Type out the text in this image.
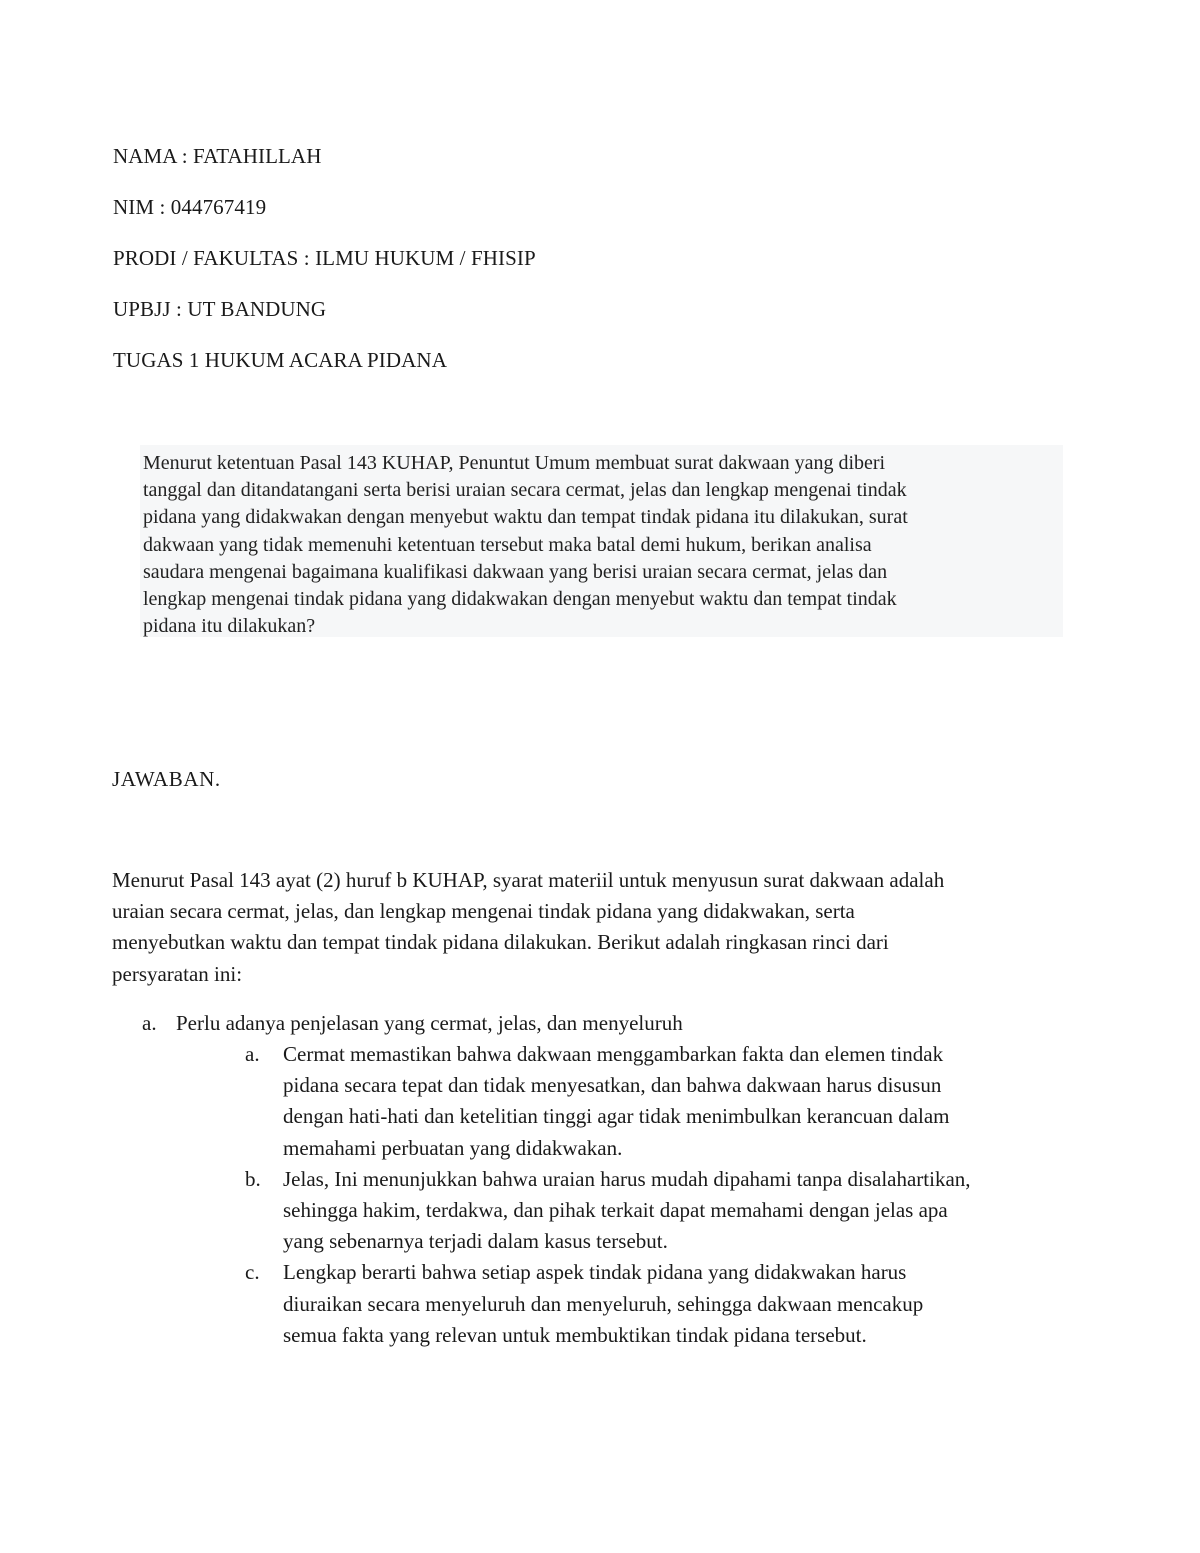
NAMA : FATAHILLAH
NIM : 044767419
PRODI / FAKULTAS : ILMU HUKUM / FHISIP
UPBJJ : UT BANDUNG
TUGAS 1 HUKUM ACARA PIDANA
Menurut ketentuan Pasal 143 KUHAP, Penuntut Umum membuat surat dakwaan yang diberi
tanggal dan ditandatangani serta berisi uraian secara cermat, jelas dan lengkap mengenai tindak
pidana yang didakwakan dengan menyebut waktu dan tempat tindak pidana itu dilakukan, surat
dakwaan yang tidak memenuhi ketentuan tersebut maka batal demi hukum, berikan analisa
saudara mengenai bagaimana kualifikasi dakwaan yang berisi uraian secara cermat, jelas dan
lengkap mengenai tindak pidana yang didakwakan dengan menyebut waktu dan tempat tindak
pidana itu dilakukan?
JAWABAN.
Menurut Pasal 143 ayat (2) huruf b KUHAP, syarat materiil untuk menyusun surat dakwaan adalah
uraian secara cermat, jelas, dan lengkap mengenai tindak pidana yang didakwakan, serta
menyebutkan waktu dan tempat tindak pidana dilakukan. Berikut adalah ringkasan rinci dari
persyaratan ini:
a. Perlu adanya penjelasan yang cermat, jelas, dan menyeluruh
a. Cermat memastikan bahwa dakwaan menggambarkan fakta dan elemen tindak
pidana secara tepat dan tidak menyesatkan, dan bahwa dakwaan harus disusun
dengan hati-hati dan ketelitian tinggi agar tidak menimbulkan kerancuan dalam
memahami perbuatan yang didakwakan.
b. Jelas, Ini menunjukkan bahwa uraian harus mudah dipahami tanpa disalahartikan,
sehingga hakim, terdakwa, dan pihak terkait dapat memahami dengan jelas apa
yang sebenarnya terjadi dalam kasus tersebut.
c. Lengkap berarti bahwa setiap aspek tindak pidana yang didakwakan harus
diuraikan secara menyeluruh dan menyeluruh, sehingga dakwaan mencakup
semua fakta yang relevan untuk membuktikan tindak pidana tersebut.
